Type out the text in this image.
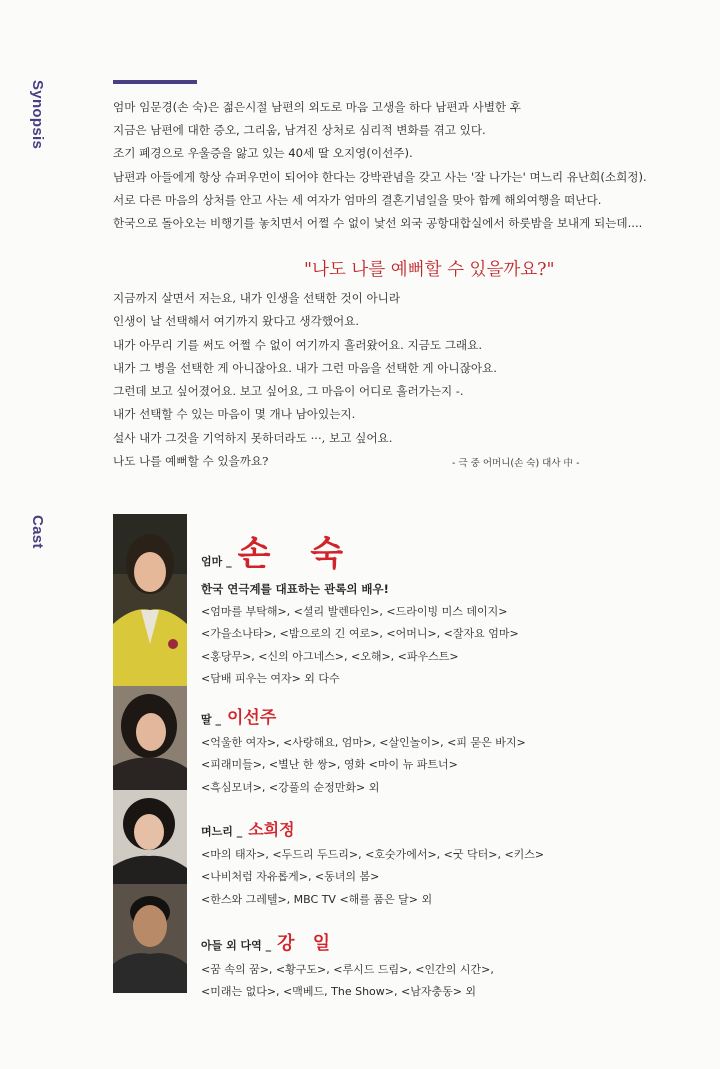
Synopsis
Cast

엄마 임문경(손 숙)은 젊은시절 남편의 외도로 마음 고생을 하다 남편과 사별한 후

지금은 남편에 대한 증오, 그리움, 남겨진 상처로 심리적 변화를 겪고 있다.

조기 폐경으로 우울증을 앓고 있는 40세 딸 오지영(이선주).

남편과 아들에게 항상 슈퍼우먼이 되어야 한다는 강박관념을 갖고 사는 '잘 나가는' 며느리 유난희(소희정).

서로 다른 마음의 상처를 안고 사는 세 여자가 엄마의 결혼기념일을 맞아 함께 해외여행을 떠난다.

한국으로 돌아오는 비행기를 놓치면서 어쩔 수 없이 낯선 외국 공항대합실에서 하룻밤을 보내게 되는데....

"나도 나를 예뻐할 수 있을까요?"

지금까지 살면서 저는요, 내가 인생을 선택한 것이 아니라

인생이 날 선택해서 여기까지 왔다고 생각했어요.

내가 아무리 기를 써도 어쩔 수 없이 여기까지 흘러왔어요. 지금도 그래요.

내가 그 병을 선택한 게 아니잖아요. 내가 그런 마음을 선택한 게 아니잖아요.

그런데 보고 싶어졌어요. 보고 싶어요, 그 마음이 어디로 흘러가는지 -.

내가 선택할 수 있는 마음이 몇 개나 남아있는지.

설사 내가 그것을 기억하지 못하더라도 ···, 보고 싶어요.

나도 나를 예뻐할 수 있을까요?	- 극 중 어머니(손 숙) 대사 中 -
엄마 _ 손 숙
한국 연극계를 대표하는 관록의 배우!

<엄마를 부탁해>, <셜리 발렌타인>, <드라이빙 미스 데이지>

<가을소나타>, <밤으로의 긴 여로>, <어머니>, <잘자요 엄마>

<홍당무>, <신의 아그네스>, <오해>, <파우스트>

<담배 피우는 여자> 외 다수

딸 _ 이선주

<억울한 여자>, <사랑해요, 엄마>, <살인놀이>, <피 묻은 바지>

<피래미들>, <별난 한 쌍>, 영화 <마이 뉴 파트너>

<흑심모녀>, <강풀의 순정만화> 외

며느리 _ 소희정

<마의 태자>, <두드리 두드리>, <호숫가에서>, <굿 닥터>, <키스>

<나비처럼 자유롭게>, <동녀의 봄>

<한스와 그레텔>, MBC TV <해를 품은 달> 외

아들 외 다역 _ 강 일

<꿈 속의 꿈>, <황구도>, <루시드 드림>, <인간의 시간>,

<미래는 없다>, <맥베드, The Show>, <남자충동> 외
